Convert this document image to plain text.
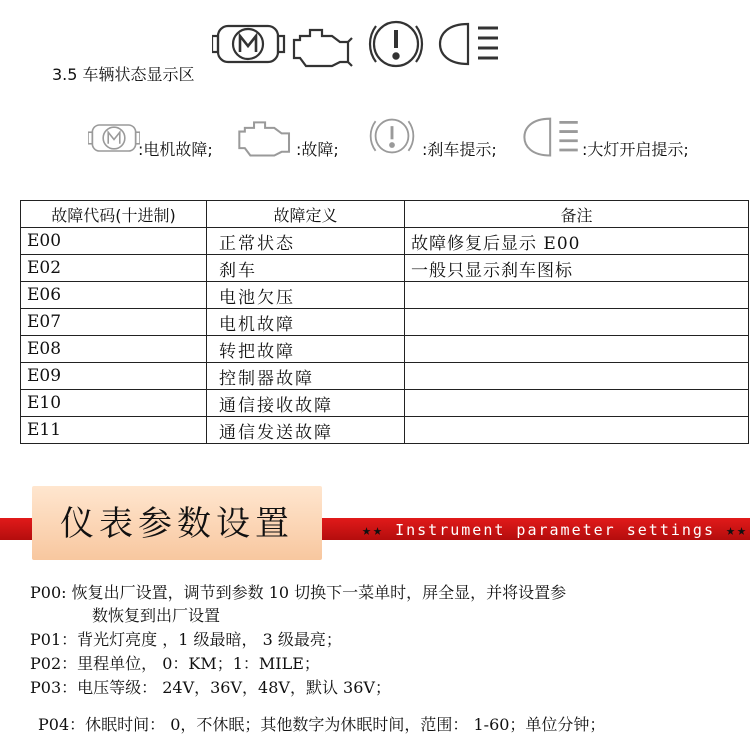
3.5 车辆状态显示区
:电机故障;	:故障;	:刹车提示;	:大灯开启提示;
故障代码(十进制)	故障定义	备注
E00	正常状态	故障修复后显示 E00
E02	刹车	一般只显示刹车图标
E06	电池欠压	
E07	电机故障	
E08	转把故障	
E09	控制器故障	
E10	通信接收故障	
E11	通信发送故障	
仪表参数设置	★★ Instrument parameter settings ★★
P00: 恢复出厂设置，调节到参数 10 切换下一菜单时，屏全显，并将设置参
数恢复到出厂设置
P01：背光灯亮度 ，1 级最暗， 3 级最亮；
P02：里程单位， 0：KM；1：MILE；
P03：电压等级： 24V，36V，48V，默认 36V；
P04：休眠时间： 0，不休眠；其他数字为休眠时间，范围： 1-60；单位分钟；
